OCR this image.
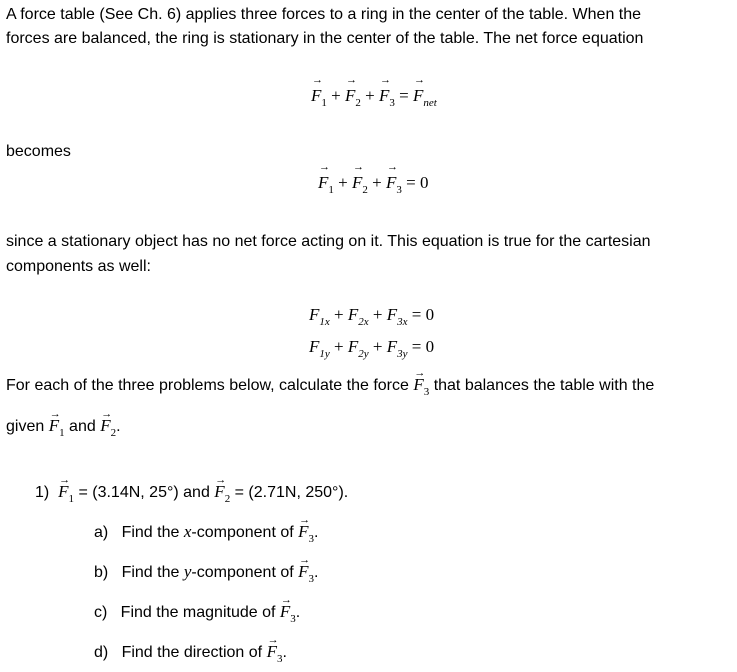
A force table (See Ch. 6) applies three forces to a ring in the center of the table. When the
forces are balanced, the ring is stationary in the center of the table. The net force equation
→ $F_1$ + → $F_2$ + → $F_3$ = → $F_{net}$
becomes
→ $F_1$ + → $F_2$ + → $F_3 = 0$
since a stationary object has no net force acting on it. This equation is true for the cartesian
components as well:
$F_{1x} + F_{2x} + F_{3x} = 0$
$F_{1y} + F_{2y} + F_{3y} = 0$
For each of the three problems below, calculate the force → $F_3$ that balances the table with the
given → $F_1$ and → $F_2$.
$1) \to F_1 = (3.14N$, 25°) and → $F_2 = (2.71N$, 250°).
a) Find the x-component of → $F_3$.
b) Find the y-component of → $F_3$.
c) Find the magnitude of → $F_3$.
d) Find the direction of → $F_3$.
